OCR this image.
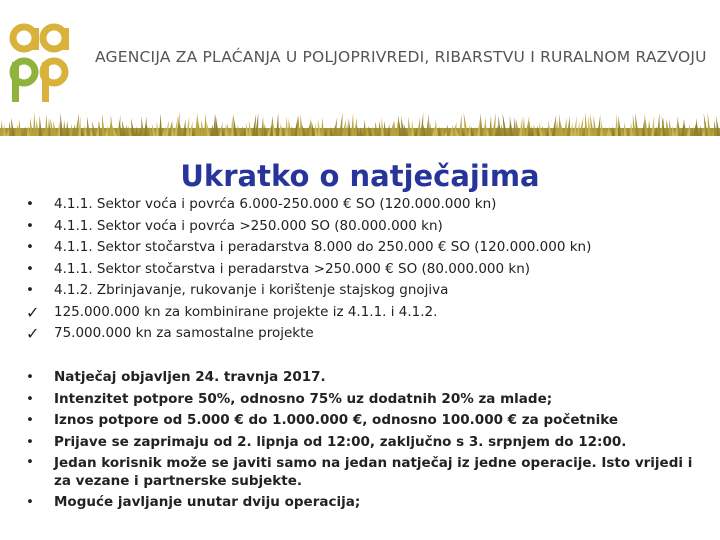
AGENCIJA ZA PLAĆANJA U POLJOPRIVREDI, RIBARSTVU I RURALNOM RAZVOJU
Ukratko o natječajima
•	4.1.1. Sektor voća i povrća 6.000-250.000 € SO (120.000.000 kn)
•	4.1.1. Sektor voća i povrća >250.000 SO (80.000.000 kn)
•	4.1.1. Sektor stočarstva i peradarstva 8.000 do 250.000 € SO (120.000.000 kn)
•	4.1.1. Sektor stočarstva i peradarstva >250.000 € SO (80.000.000 kn)
•	4.1.2. Zbrinjavanje, rukovanje i korištenje stajskog gnojiva
✓	125.000.000 kn za kombinirane projekte iz 4.1.1. i 4.1.2.
✓	75.000.000 kn za samostalne projekte
•	Natječaj objavljen 24. travnja 2017.
•	Intenzitet potpore 50%, odnosno 75% uz dodatnih 20% za mlade;
•	Iznos potpore od 5.000 € do 1.000.000 €, odnosno 100.000 € za početnike
•	Prijave se zaprimaju od 2. lipnja od 12:00, zaključno s 3. srpnjem do 12:00.
•	Jedan korisnik može se javiti samo na jedan natječaj iz jedne operacije. Isto vrijedi i za vezane i partnerske subjekte.
•	Moguće javljanje unutar dviju operacija;
